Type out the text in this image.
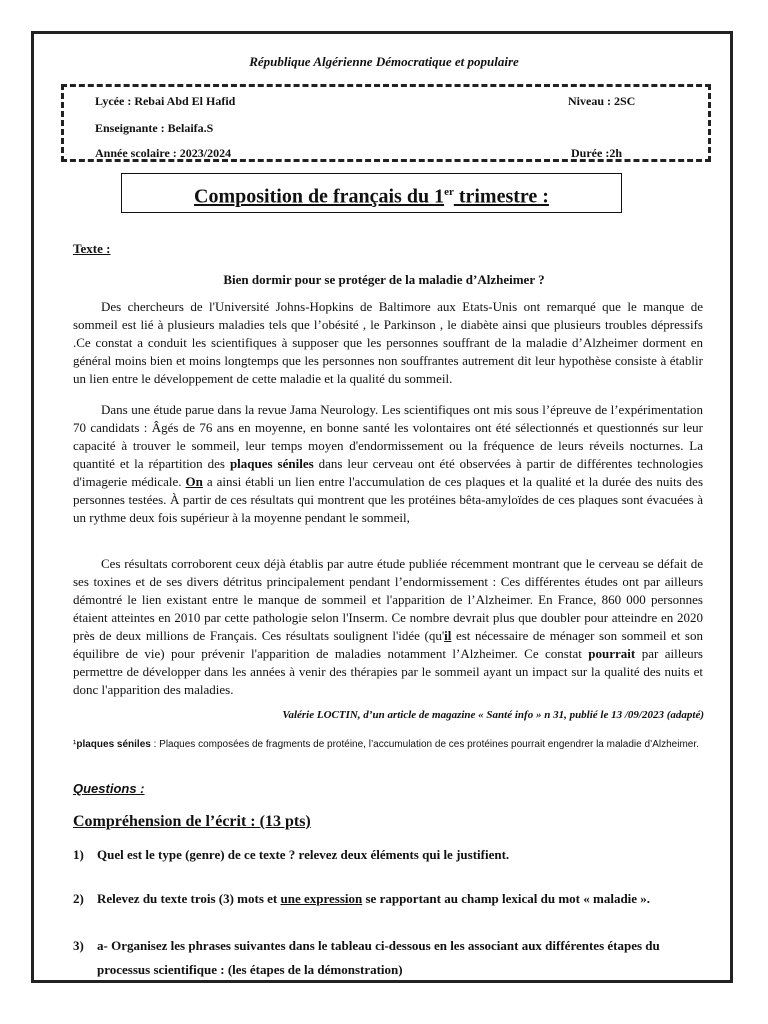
République Algérienne Démocratique et populaire
Lycée : Rebai Abd El Hafid	Niveau : 2SC
Enseignante : Belaifa.S
Année scolaire : 2023/2024	Durée :2h
Composition de français du 1er trimestre :
Texte :
Bien dormir pour se protéger de la maladie d’Alzheimer ?

Des chercheurs de l'Université Johns-Hopkins de Baltimore aux Etats-Unis ont remarqué que le manque de sommeil est lié à plusieurs maladies tels que l’obésité , le Parkinson , le diabète ainsi que plusieurs troubles dépressifs .Ce constat a conduit les scientifiques à supposer que les personnes souffrant de la maladie d’Alzheimer dorment en général moins bien et moins longtemps que les personnes non souffrantes autrement dit leur hypothèse consiste à établir un lien entre le développement de cette maladie et la qualité du sommeil.

Dans une étude parue dans la revue Jama Neurology. Les scientifiques ont mis sous l’épreuve de l’expérimentation 70 candidats : Âgés de 76 ans en moyenne, en bonne santé les volontaires ont été sélectionnés et questionnés sur leur capacité à trouver le sommeil, leur temps moyen d'endormissement ou la fréquence de leurs réveils nocturnes. La quantité et la répartition des plaques séniles dans leur cerveau ont été observées à partir de différentes technologies d'imagerie médicale. On a ainsi établi un lien entre l'accumulation de ces plaques et la qualité et la durée des nuits des personnes testées. À partir de ces résultats qui montrent que les protéines bêta-amyloïdes de ces plaques sont évacuées à un rythme deux fois supérieur à la moyenne pendant le sommeil,

Ces résultats corroborent ceux déjà établis par autre étude publiée récemment montrant que le cerveau se défait de ses toxines et de ses divers détritus principalement pendant l’endormissement : Ces différentes études ont par ailleurs démontré le lien existant entre le manque de sommeil et l'apparition de l’Alzheimer. En France, 860 000 personnes étaient atteintes en 2010 par cette pathologie selon l'Inserm. Ce nombre devrait plus que doubler pour atteindre en 2020 près de deux millions de Français. Ces résultats soulignent l'idée (qu'il est nécessaire de ménager son sommeil et son équilibre de vie) pour prévenir l'apparition de maladies notamment l’Alzheimer. Ce constat pourrait par ailleurs permettre de développer dans les années à venir des thérapies par le sommeil ayant un impact sur la qualité des nuits et donc l'apparition des maladies.

Valérie LOCTIN, d’un article de magazine « Santé info » n 31, publié le 13 /09/2023 (adapté)
¹plaques séniles : Plaques composées de fragments de protéine, l’accumulation de ces protéines pourrait engendrer la maladie d’Alzheimer.
Questions :
Compréhension de l’écrit : (13 pts)
1) Quel est le type (genre) de ce texte ? relevez deux éléments qui le justifient.
2) Relevez du texte trois (3) mots et une expression se rapportant au champ lexical du mot « maladie ».
3) a- Organisez les phrases suivantes dans le tableau ci-dessous en les associant aux différentes étapes du processus scientifique : (les étapes de la démonstration)
